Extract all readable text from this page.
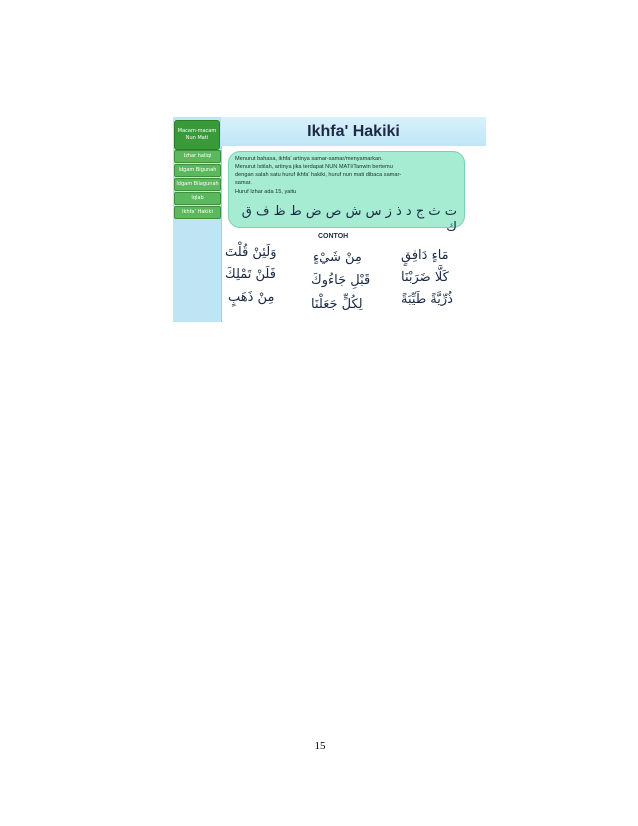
Macam-macam Nun Mati
Izhar haliqi
Idgam Bigunah
Idgam Bilagunah
Iqlab
Ikhfa' Hakiki
Ikhfa' Hakiki
Menurut bahasa, ikhfa' artinya samar-samar/menyamarkan.
Menurut Istilah, artinya jika terdapat NUN MATI/Tanwin bertemu
dengan salah satu huruf ikhfa' hakiki, huruf nun mati dibaca samar-
samar.
Huruf Izhar ada 15, yaitu
ت ث ج د ذ ز س ش ص ض ط ظ ف ق ك
CONTOH
مَاءٍ دَافِقٍ
كَلَّا ضَرَبْنَا
ذُرِّيَّةً طَيِّبَةً
مِنْ شَيْءٍ
قَبْلِ جَاءُوكَ
لِكُلٍّ جَعَلْنَا
وَلَئِنْ قُلْتَ
فَلَنْ تَمْلِكَ
مِنْ ذَهَبٍ
15
